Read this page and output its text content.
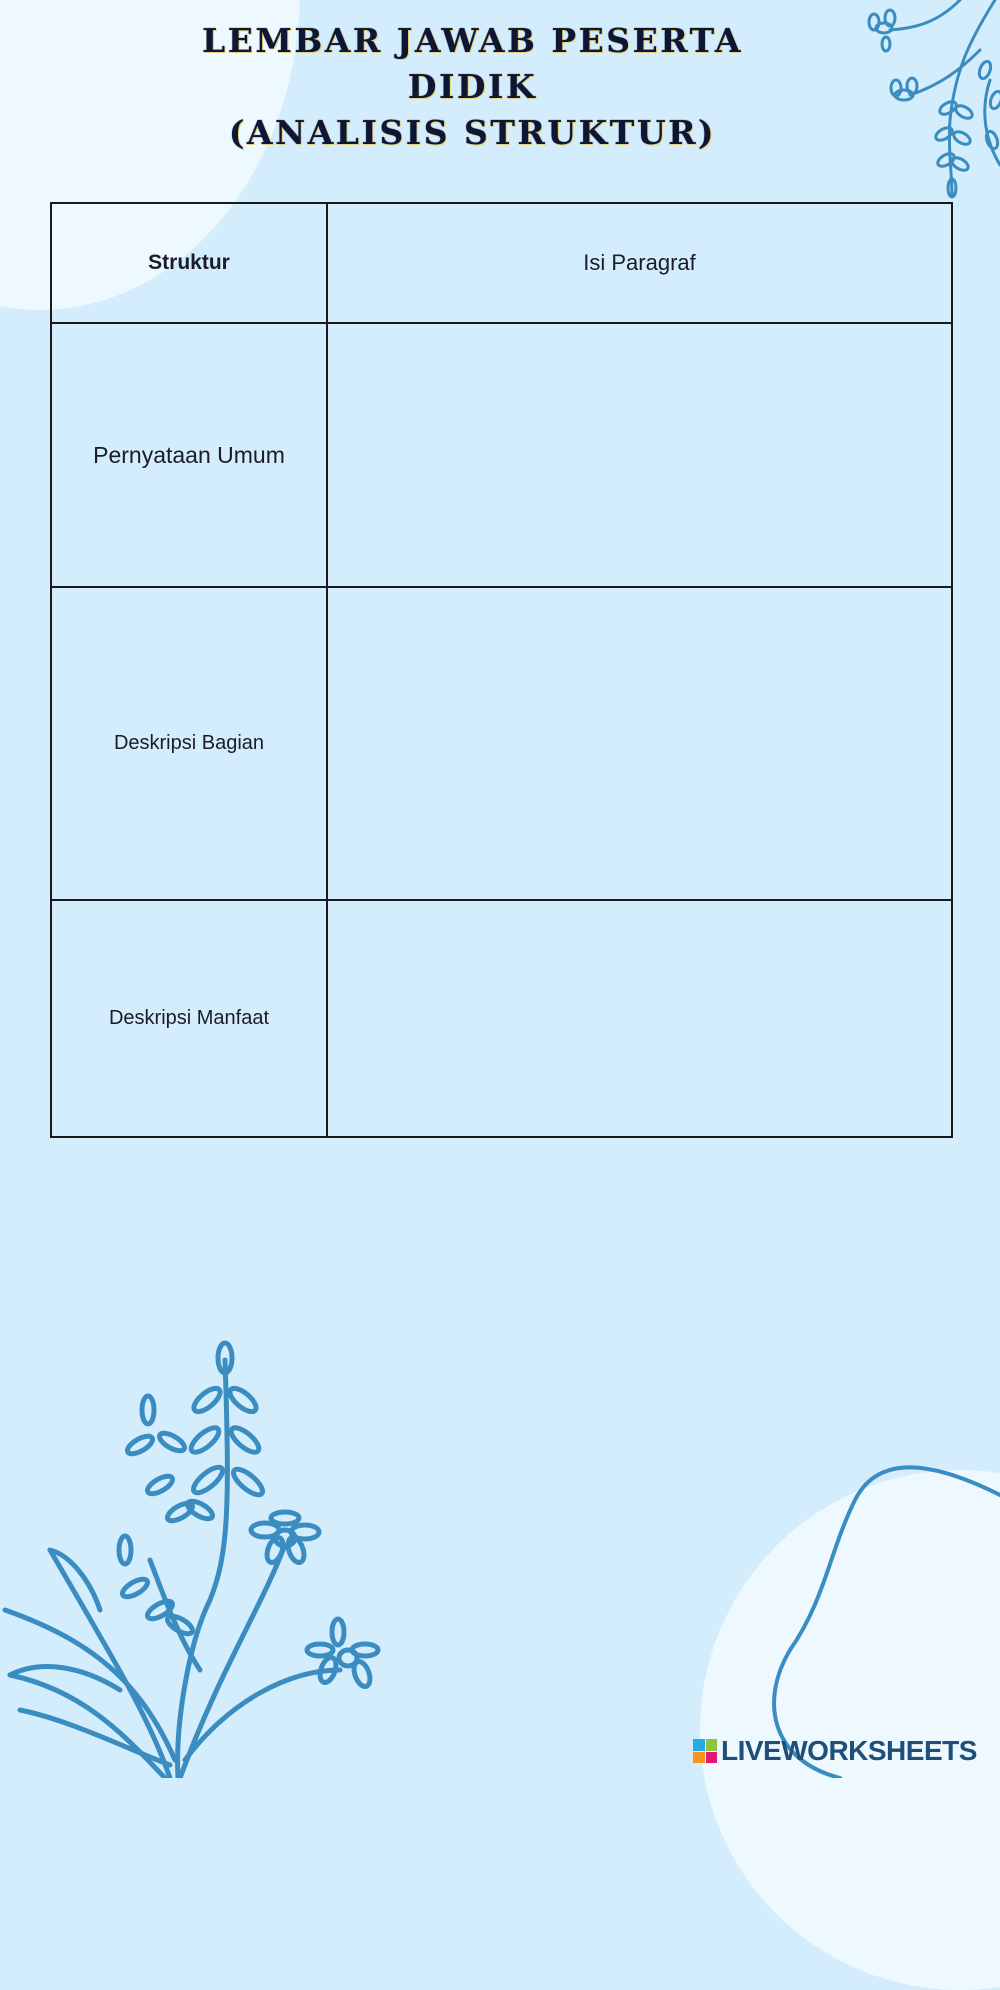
LEMBAR JAWAB PESERTA
DIDIK
(ANALISIS STRUKTUR)
Struktur	Isi Paragraf
Pernyataan Umum	
Deskripsi Bagian	
Deskripsi Manfaat	
LIVEWORKSHEETS
